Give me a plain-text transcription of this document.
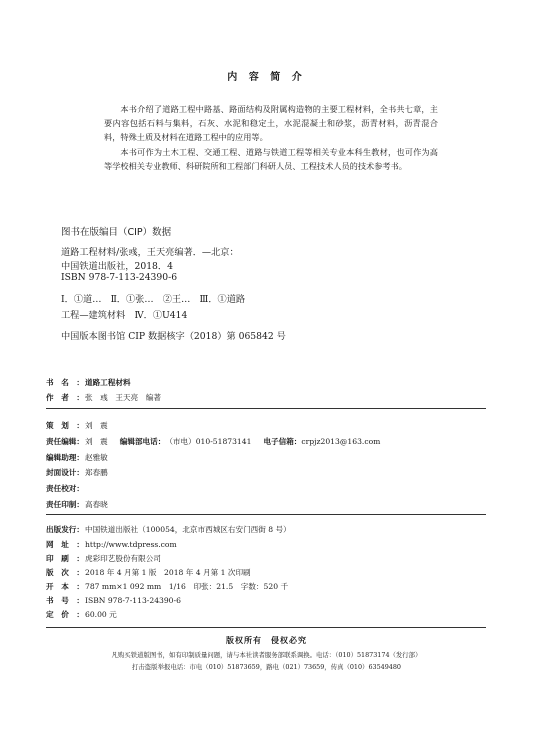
内 容 简 介

本书介绍了道路工程中路基、路面结构及附属构造物的主要工程材料，全书共七章，主要内容包括石料与集料，石灰、水泥和稳定土，水泥混凝土和砂浆，沥青材料，沥青混合料，特殊土质及材料在道路工程中的应用等。

本书可作为土木工程、交通工程、道路与铁道工程等相关专业本科生教材，也可作为高等学校相关专业教师、科研院所和工程部门科研人员、工程技术人员的技术参考书。

图书在版编目（CIP）数据
道路工程材料/张彧，王天亮编著．—北京：
中国铁道出版社，2018．4
ISBN 978-7-113-24390-6
Ⅰ．①道…　Ⅱ．①张…　②王…　Ⅲ．①道路
工程—建筑材料　Ⅳ．①U414
中国版本图书馆 CIP 数据核字（2018）第 065842 号
书名：道路工程材料
作者：张　彧　王天亮　编著
策划：刘　震
责任编辑：刘　震 编辑部电话：（市电）010-51873141 电子信箱：crpjz2013@163.com
编辑助理：赵雅敏
封面设计：郑春鹏
责任校对：
责任印制：高春晓
出版发行：中国铁道出版社（100054，北京市西城区右安门西街 8 号）
网址：http://www.tdpress.com
印刷：虎彩印艺股份有限公司
版次：2018 年 4 月第 1 版　2018 年 4 月第 1 次印刷
开本：787 mm×1 092 mm　1/16　印张：21.5　字数：520 千
书号：ISBN 978-7-113-24390-6
定价：60.00 元
版权所有　侵权必究
凡购买铁道版图书，如有印制质量问题，请与本社读者服务部联系调换。电话：（010）51873174（发行部）
打击盗版举报电话：市电（010）51873659，路电（021）73659，传真（010）63549480
